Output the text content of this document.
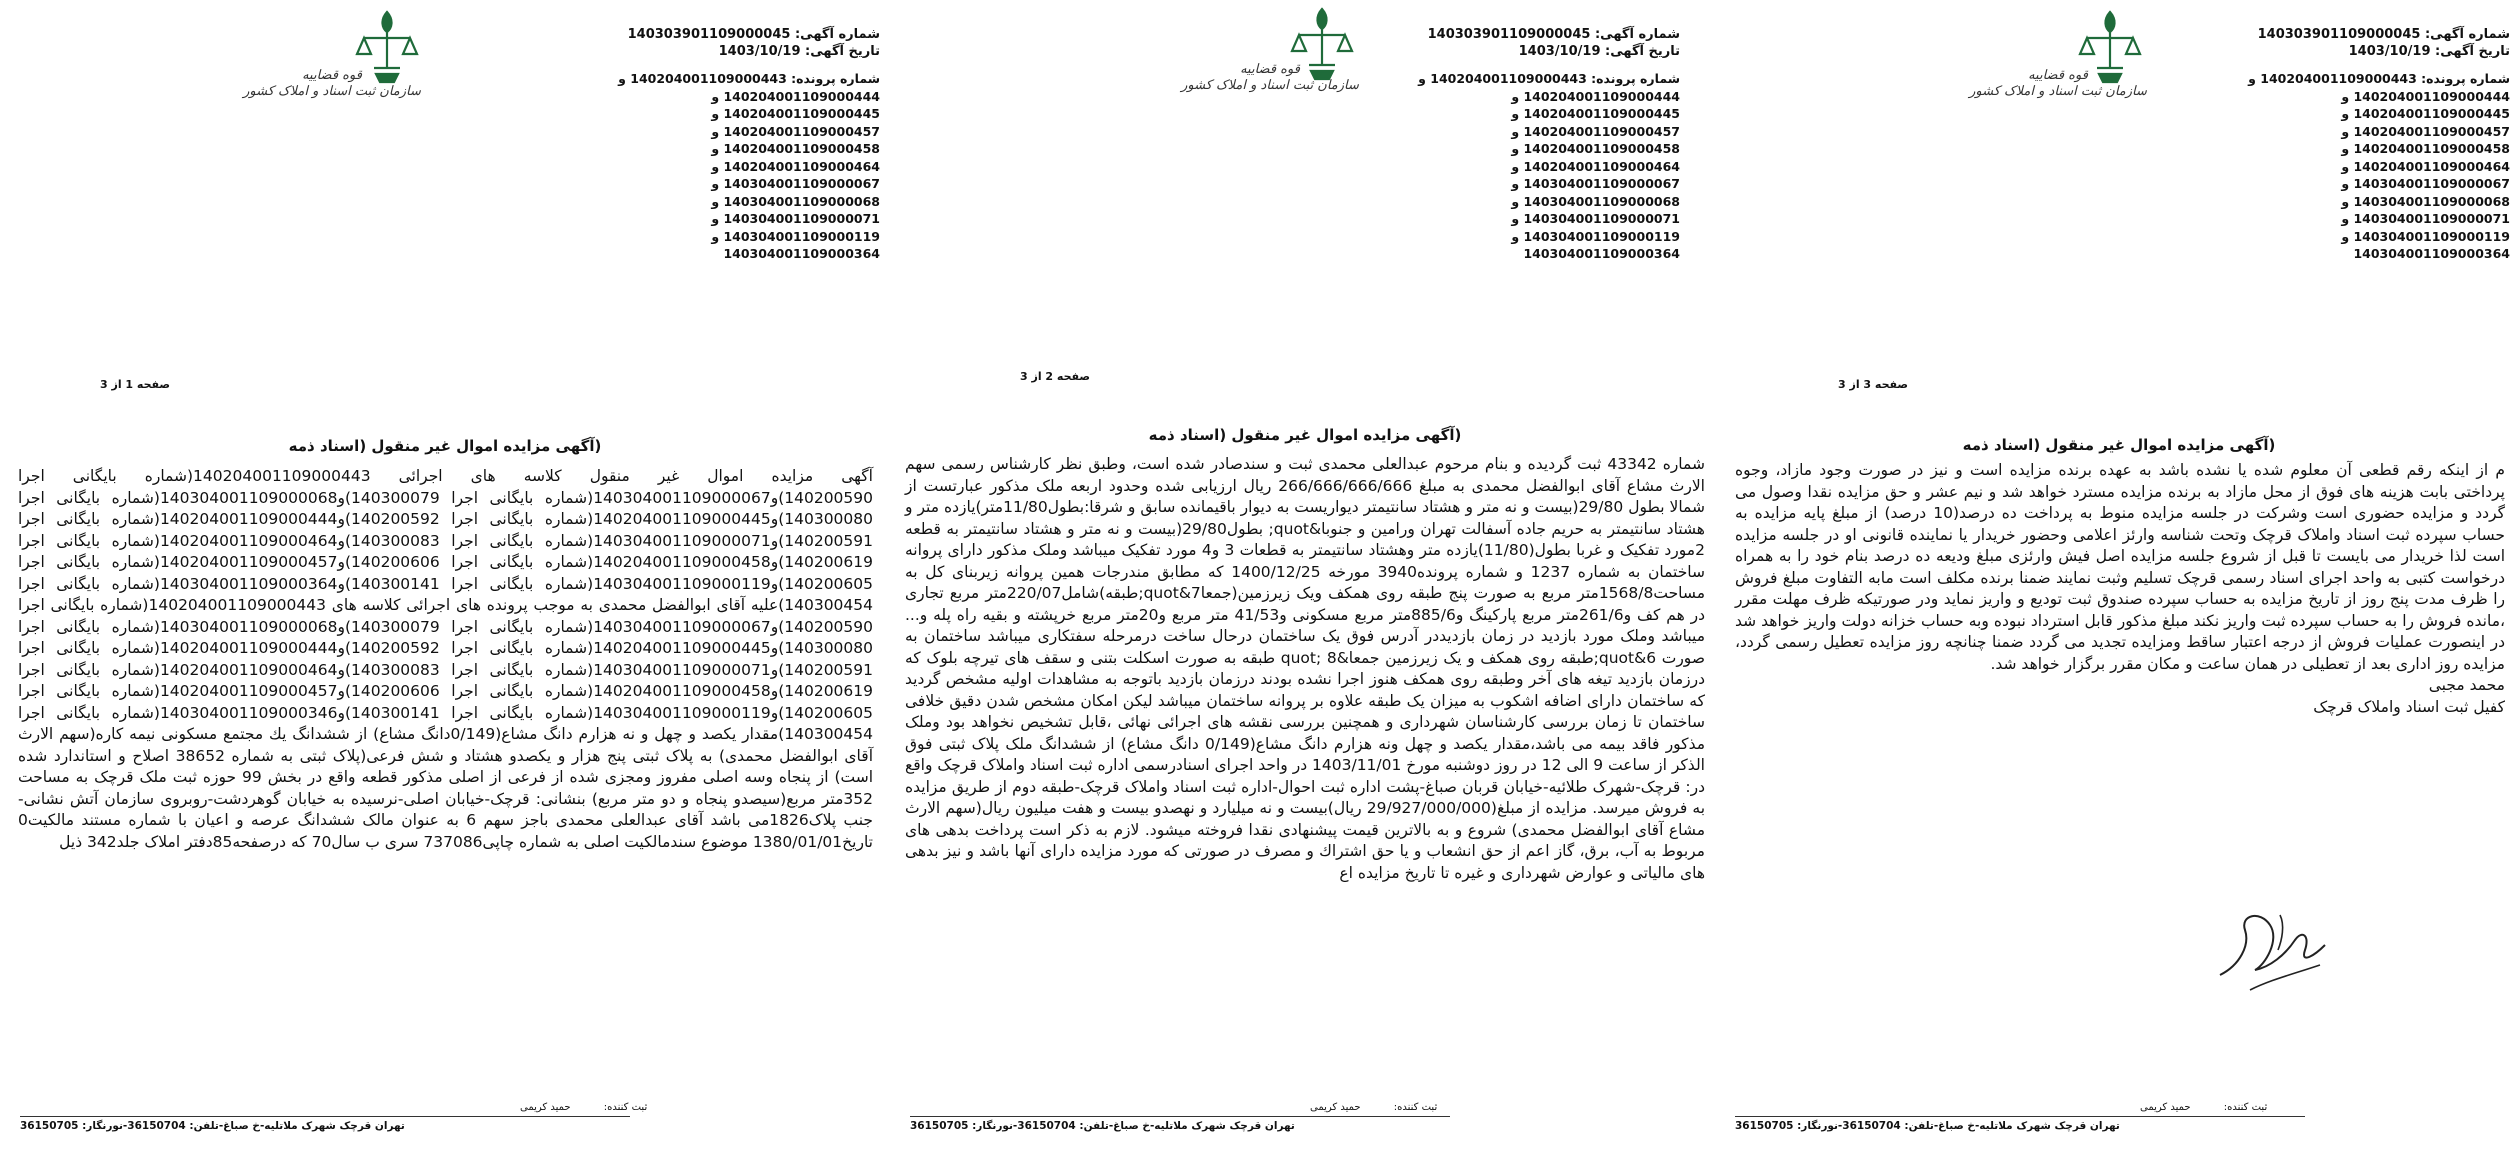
قوه قضاییه
سازمان ثبت اسناد و املاک کشور
شماره آگهی: 140303901109000045
تاریخ آگهی: 1403/10/19
شماره پرونده: 140204001109000443 و
140204001109000444 و
140204001109000445 و
140204001109000457 و
140204001109000458 و
140204001109000464 و
140304001109000067 و
140304001109000068 و
140304001109000071 و
140304001109000119 و
140304001109000364
صفحه 1 از 3
(آگهی مزایده اموال غیر منقول (اسناد ذمه
آگهی مزایده اموال غیر منقول کلاسه های اجرائی 140204001109000443(شماره بایگانی اجرا 140200590)و140304001109000067(شماره بایگانی اجرا 140300079)و140304001109000068(شماره بایگانی اجرا 140300080)و140204001109000445(شماره بایگانی اجرا 140200592)و140204001109000444(شماره بایگانی اجرا 140200591)و140304001109000071(شماره بایگانی اجرا 140300083)و140204001109000464(شماره بایگانی اجرا 140200619)و140204001109000458(شماره بایگانی اجرا 140200606)و140204001109000457(شماره بایگانی اجرا 140200605)و140304001109000119(شماره بایگانی اجرا 140300141)و140304001109000364(شماره بایگانی اجرا 140300454)علیه آقای ابوالفضل محمدی به موجب پرونده های اجرائی کلاسه های 140204001109000443(شماره بایگانی اجرا 140200590)و140304001109000067(شماره بایگانی اجرا 140300079)و140304001109000068(شماره بایگانی اجرا 140300080)و140204001109000445(شماره بایگانی اجرا 140200592)و140204001109000444(شماره بایگانی اجرا 140200591)و140304001109000071(شماره بایگانی اجرا 140300083)و140204001109000464(شماره بایگانی اجرا 140200619)و140204001109000458(شماره بایگانی اجرا 140200606)و140204001109000457(شماره بایگانی اجرا 140200605)و140304001109000119(شماره بایگانی اجرا 140300141)و140304001109000346(شماره بایگانی اجرا 140300454)مقدار یکصد و چهل و نه هزارم دانگ مشاع(0/149دانگ مشاع) از ششدانگ یك مجتمع مسکونی نیمه کاره(سهم الارث آقای ابوالفضل محمدی) به پلاک ثبتی پنج هزار و یکصدو هشتاد و شش فرعی(پلاک ثبتی به شماره 38652 اصلاح و استاندارد شده است) از پنجاه وسه اصلی مفروز ومجزی شده از فرعی از اصلی مذکور قطعه واقع در بخش 99 حوزه ثبت ملک قرچک به مساحت 352متر مربع(سیصدو پنجاه و دو متر مربع) بنشانی: قرچک-خیابان اصلی-نرسیده به خیابان گوهردشت-روبروی سازمان آتش نشانی-جنب پلاک1826می باشد آقای عبدالعلی محمدی باجز سهم 6 به عنوان مالک ششدانگ عرصه و اعیان با شماره مستند مالکیت0 تاریخ1380/01/01 موضوع سندمالکیت اصلی به شماره چاپی737086 سری ب سال70 که درصفحه85دفتر املاک جلد342 ذیل
ثبت کننده: حمید کریمی
تهران قرچک شهرک ملاتلیه-خ صباغ-تلفن: 36150704-نورنگار: 36150705
قوه قضاییه
سازمان ثبت اسناد و املاک کشور
شماره آگهی: 140303901109000045
تاریخ آگهی: 1403/10/19
شماره پرونده: 140204001109000443 و
140204001109000444 و
140204001109000445 و
140204001109000457 و
140204001109000458 و
140204001109000464 و
140304001109000067 و
140304001109000068 و
140304001109000071 و
140304001109000119 و
140304001109000364
صفحه 2 از 3
(آگهی مزایده اموال غیر منقول (اسناد ذمه
شماره 43342 ثبت گردیده و بنام مرحوم عبدالعلی محمدی ثبت و سندصادر شده است، وطبق نظر کارشناس رسمی سهم الارث مشاع آقای ابوالفضل محمدی به مبلغ 266/666/666/666 ریال ارزیابی شده وحدود اربعه ملک مذکور عبارتست از شمالا بطول 29/80(بیست و نه متر و هشتاد سانتیمتر دیواریست به دیوار باقیمانده سابق و شرقا:بطول11/80متر)یازده متر و هشتاد سانتیمتر به حریم جاده آسفالت تهران ورامین و جنوبا&quot; بطول29/80(بیست و نه متر و هشتاد سانتیمتر به قطعه 2مورد تفکیک و غربا بطول(11/80)یازده متر وهشتاد سانتیمتر به قطعات 3 و4 مورد تفکیک میباشد وملک مذکور دارای پروانه ساختمان به شماره 1237 و شماره پرونده3940 مورخه 1400/12/25 که مطابق مندرجات همین پروانه زیربنای کل به مساحت1568/8متر مربع به صورت پنج طبقه روی همکف ویک زیرزمین(جمعا7&quot;طبقه)شامل220/07متر مربع تجاری در هم کف و261/6متر مربع پارکینگ و885/6متر مربع مسکونی و41/53 متر مربع و20متر مربع خرپشته و بقیه راه پله و... میباشد وملک مورد بازدید در زمان بازدیددر آدرس فوق یک ساختمان درحال ساخت درمرحله سفتکاری میباشد ساختمان به صورت 6&quot;طبقه روی همکف و یک زیرزمین جمعا&quot; 8 طبقه به صورت اسکلت بتنی و سقف های تیرچه بلوک که درزمان بازدید تیغه های آخر وطبقه روی همکف هنوز اجرا نشده بودند درزمان بازدید باتوجه به مشاهدات اولیه مشخص گردید که ساختمان دارای اضافه اشکوب به میزان یک طبقه علاوه بر پروانه ساختمان میباشد لیکن امکان مشخص شدن دقیق خلافی ساختمان تا زمان بررسی کارشناسان شهرداری و همچنین بررسی نقشه های اجرائی نهائی ،قابل تشخیص نخواهد بود وملک مذکور فاقد بیمه می باشد،مقدار یکصد و چهل ونه هزارم دانگ مشاع(0/149 دانگ مشاع) از ششدانگ ملک پلاک ثبتی فوق الذکر از ساعت 9 الی 12 در روز دوشنبه مورخ 1403/11/01 در واحد اجرای اسنادرسمی اداره ثبت اسناد واملاک قرچک واقع در: قرچک-شهرک طلائیه-خیابان قربان صباغ-پشت اداره ثبت احوال-اداره ثبت اسناد واملاک قرچک-طبقه دوم از طریق مزایده به فروش میرسد. مزایده از مبلغ(29/927/000/000 ریال)بیست و نه میلیارد و نهصدو بیست و هفت میلیون ریال(سهم الارث مشاع آقای ابوالفضل محمدی) شروع و به بالاترین قیمت پیشنهادی نقدا فروخته میشود. لازم به ذکر است پرداخت بدهی های مربوط به آب، برق، گاز اعم از حق انشعاب و یا حق اشتراك و مصرف در صورتی که مورد مزایده دارای آنها باشد و نیز بدهی های مالیاتی و عوارض شهرداری و غیره تا تاریخ مزایده اع
ثبت کننده: حمید کریمی
تهران قرچک شهرک ملاتلیه-خ صباغ-تلفن: 36150704-نورنگار: 36150705
قوه قضاییه
سازمان ثبت اسناد و املاک کشور
شماره آگهی: 140303901109000045
تاریخ آگهی: 1403/10/19
شماره پرونده: 140204001109000443 و
140204001109000444 و
140204001109000445 و
140204001109000457 و
140204001109000458 و
140204001109000464 و
140304001109000067 و
140304001109000068 و
140304001109000071 و
140304001109000119 و
140304001109000364
صفحه 3 از 3
(آگهی مزایده اموال غیر منقول (اسناد ذمه
م از اینکه رقم قطعی آن معلوم شده یا نشده باشد به عهده برنده مزایده است و نیز در صورت وجود مازاد، وجوه پرداختی بابت هزینه های فوق از محل مازاد به برنده مزایده مسترد خواهد شد و نیم عشر و حق مزایده نقدا وصول می گردد و مزایده حضوری است وشرکت در جلسه مزایده منوط به پرداخت ده درصد(10 درصد) از مبلغ پایه مزایده به حساب سپرده ثبت اسناد واملاک قرچک وتحت شناسه وارئز اعلامی وحضور خریدار یا نماینده قانونی او در جلسه مزایده است لذا خریدار می بایست تا قبل از شروع جلسه مزایده اصل فیش وارئزی مبلغ ودیعه ده درصد بنام خود را به همراه درخواست کتبی به واحد اجرای اسناد رسمی قرچک تسلیم وثبت نمایند ضمنا برنده مکلف است مابه التفاوت مبلغ فروش را ظرف مدت پنج روز از تاریخ مزایده به حساب سپرده صندوق ثبت تودیع و واریز نماید ودر صورتیکه ظرف مهلت مقرر ،مانده فروش را به حساب سپرده ثبت واریز نکند مبلغ مذکور قابل استرداد نبوده وبه حساب خزانه دولت واریز خواهد شد در اینصورت عملیات فروش از درجه اعتبار ساقط ومزایده تجدید می گردد ضمنا چنانچه روز مزایده تعطیل رسمی گردد، مزایده روز اداری بعد از تعطیلی در همان ساعت و مکان مقرر برگزار خواهد شد.
محمد مجبی
کفیل ثبت اسناد واملاک قرچک
ثبت کننده: حمید کریمی
تهران قرچک شهرک ملاتلیه-خ صباغ-تلفن: 36150704-نورنگار: 36150705
